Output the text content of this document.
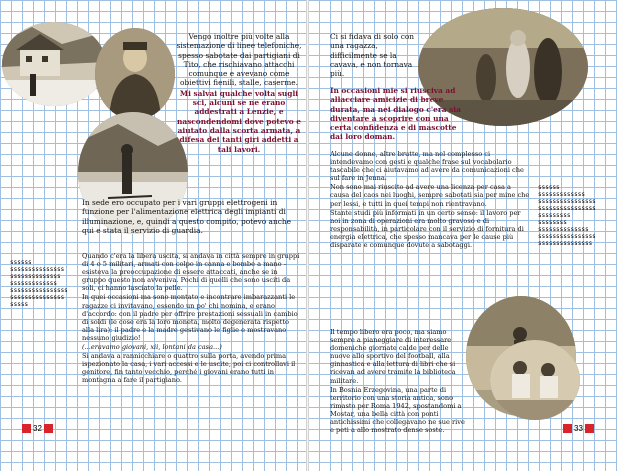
Vengo inoltre più volte alla sistemazione di linee telefoniche, spesso sabotate dai partigiani di Tito, che rischiavano attacchi comunque e avevano come obiettivi fienili, stalle, caserme.

Mi salvai qualche volta sugli sci, alcuni se ne erano addestrati a Lenzie, e nascondendomi dove potevo e aiutato dalla scorta armata, a difesa dei tanti giri addetti a tali lavori.

In sede ero occupato per i vari gruppi elettrogeni in funzione per l'alimentazione elettrica degli impianti di illuminazione, e, quindi a questo compito, potevo anche qui e stata il servizio di guardia.

Quando c'era la libera uscita, si andava in città sempre in gruppi di 4 o 5 militari, armati con colpo in canna e bombe a mano – esisteva la preoccupazione di essere attaccati, anche se in gruppo questo non avveniva. Pochi di quelli che sono usciti da soli, ci hanno lasciato la pelle.

In quei occasioni ma sono montato e incontrare imbarazzanti le ragazze ci invitavano, essendo un po' chi nomina, e erano d'accordo: con il padre per offrire prestazioni sessuali in cambio di soldi (le cose era la loro moneta, molto degenerata rispetto alla lira): il padre e la madre gestivano le figlie e mostravano nessuno giudizio!

(...eravamo giovani, xii, lontani da casa...)

Si andava a rannicchiare o quattro sulla porta, avendo prima ispezionato la casa, i vari accessi e le uscite, poi ci controllavi il genitore, fin tanto vecchio, perché i giovani erano tutti in montagna a fare il partigiano.

ssssss
sssssssssssssss
ssssssssssssss
sssssssssssss
ssssssssssssssss
sssssssssssssss
sssss

Ci si fidava di solo con una ragazza, difficilmente se la cavava, e non tornava più.

In occasioni mie si riusciva ad allacciare amicizie di breve durata, ma nei dialogo c'era sia diventare a scoprire con una certa confidenza e di mascotte dai loro doman.

Alcune donne, altre brutte, ma nel complesso ci intendevamo con gesti e qualche frase sul vocabolario tascabile che ci aiutavamo ad avere da comunicazioni che sul fare in Jenna.

Non sono mai riuscito ad avere una licenza per casa a causa del caos nei luoghi, sempre sabotati sia per mine che per lessi, e tutti in quei tempi non rientravano.

Stante studi più informati in un certo senso: il lavoro per noi in zona di operazioni era molto gravoso e di responsabilità, in particolare con il servizio di fornitura di energia elettrica, che spesso mancava per le cause più disparate e comunque dovute a sabotaggi.

Il tempo libero era poco, ma siamo sempre a pianeggiare di interessare domeniche giornate calde per delle nuove allo sportivo del football, alla ginnastica e alla lettura di libri che si ricevan ad avere tramite la biblioteca militare.

In Bosnia Erzegovina, una parte di territorio con una storia antica, sono rimasto per Roma 1942, spostandomi a Mostar, una bella città con ponti antichissimi che collegavano ne sue rive e peti a allo mostrato dense soste.

ssssss
sssssssssssss
ssssssssssssssss
ssssssssssssssss
sssssssss
ssssssss
ssssssssssssss
ssssssssssssssss
sssssssssssssss
32	33
